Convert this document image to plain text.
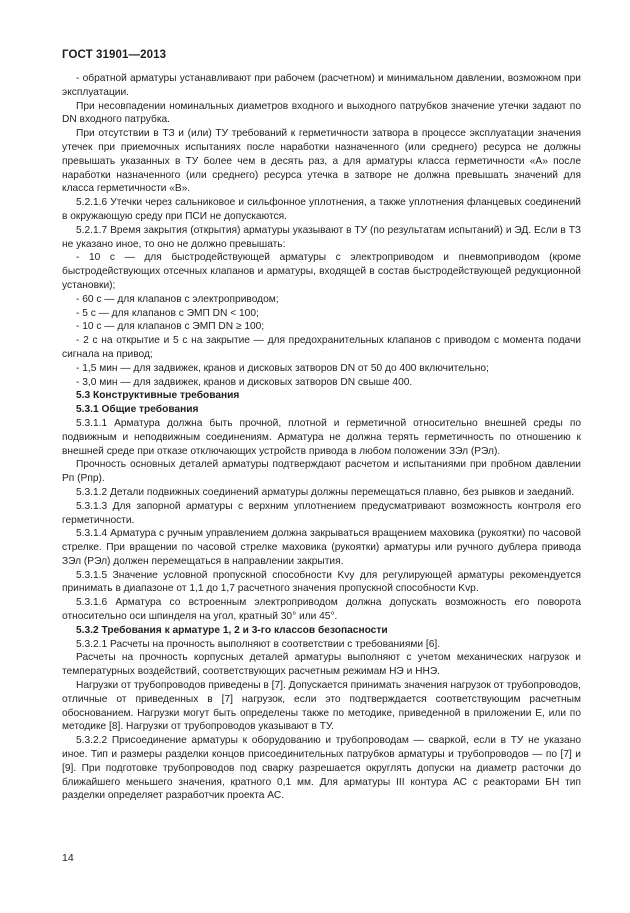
ГОСТ 31901—2013

- обратной арматуры устанавливают при рабочем (расчетном) и минимальном давлении, возможном при эксплуатации.

При несовпадении номинальных диаметров входного и выходного патрубков значение утечки задают по DN входного патрубка.

При отсутствии в ТЗ и (или) ТУ требований к герметичности затвора в процессе эксплуатации значения утечек при приемочных испытаниях после наработки назначенного (или среднего) ресурса не должны превышать указанных в ТУ более чем в десять раз, а для арматуры класса герметичности «А» после наработки назначенного (или среднего) ресурса утечка в затворе не должна превышать значений для класса герметичности «В».

5.2.1.6 Утечки через сальниковое и сильфонное уплотнения, а также уплотнения фланцевых соединений в окружающую среду при ПСИ не допускаются.

5.2.1.7 Время закрытия (открытия) арматуры указывают в ТУ (по результатам испытаний) и ЭД. Если в ТЗ не указано иное, то оно не должно превышать:

- 10 с — для быстродействующей арматуры с электроприводом и пневмоприводом (кроме быстродействующих отсечных клапанов и арматуры, входящей в состав быстродействующей редукционной установки);

- 60 с — для клапанов с электроприводом;

- 5 с — для клапанов с ЭМП DN < 100;

- 10 с — для клапанов с ЭМП DN ≥ 100;

- 2 с на открытие и 5 с на закрытие — для предохранительных клапанов с приводом с момента подачи сигнала на привод;

- 1,5 мин — для задвижек, кранов и дисковых затворов DN от 50 до 400 включительно;

- 3,0 мин — для задвижек, кранов и дисковых затворов DN свыше 400.

5.3 Конструктивные требования

5.3.1 Общие требования

5.3.1.1 Арматура должна быть прочной, плотной и герметичной относительно внешней среды по подвижным и неподвижным соединениям. Арматура не должна терять герметичность по отношению к внешней среде при отказе отключающих устройств привода в любом положении ЗЭл (РЭл).

Прочность основных деталей арматуры подтверждают расчетом и испытаниями при пробном давлении Pп (Pпр).

5.3.1.2 Детали подвижных соединений арматуры должны перемещаться плавно, без рывков и заеданий.

5.3.1.3 Для запорной арматуры с верхним уплотнением предусматривают возможность контроля его герметичности.

5.3.1.4 Арматура с ручным управлением должна закрываться вращением маховика (рукоятки) по часовой стрелке. При вращении по часовой стрелке маховика (рукоятки) арматуры или ручного дублера привода ЗЭл (РЭл) должен перемещаться в направлении закрытия.

5.3.1.5 Значение условной пропускной способности Kvу для регулирующей арматуры рекомендуется принимать в диапазоне от 1,1 до 1,7 расчетного значения пропускной способности Kvр.

5.3.1.6 Арматура со встроенным электроприводом должна допускать возможность его поворота относительно оси шпинделя на угол, кратный 30° или 45°.

5.3.2 Требования к арматуре 1, 2 и 3-го классов безопасности

5.3.2.1 Расчеты на прочность выполняют в соответствии с требованиями [6].

Расчеты на прочность корпусных деталей арматуры выполняют с учетом механических нагрузок и температурных воздействий, соответствующих расчетным режимам НЭ и ННЭ.

Нагрузки от трубопроводов приведены в [7]. Допускается принимать значения нагрузок от трубопроводов, отличные от приведенных в [7] нагрузок, если это подтверждается соответствующим расчетным обоснованием. Нагрузки могут быть определены также по методике, приведенной в приложении Е, или по методике [8]. Нагрузки от трубопроводов указывают в ТУ.

5.3.2.2 Присоединение арматуры к оборудованию и трубопроводам — сваркой, если в ТУ не указано иное. Тип и размеры разделки концов присоединительных патрубков арматуры и трубопроводов — по [7] и [9]. При подготовке трубопроводов под сварку разрешается округлять допуски на диаметр расточки до ближайшего меньшего значения, кратного 0,1 мм. Для арматуры III контура АС с реакторами БН тип разделки определяет разработчик проекта АС.

14
